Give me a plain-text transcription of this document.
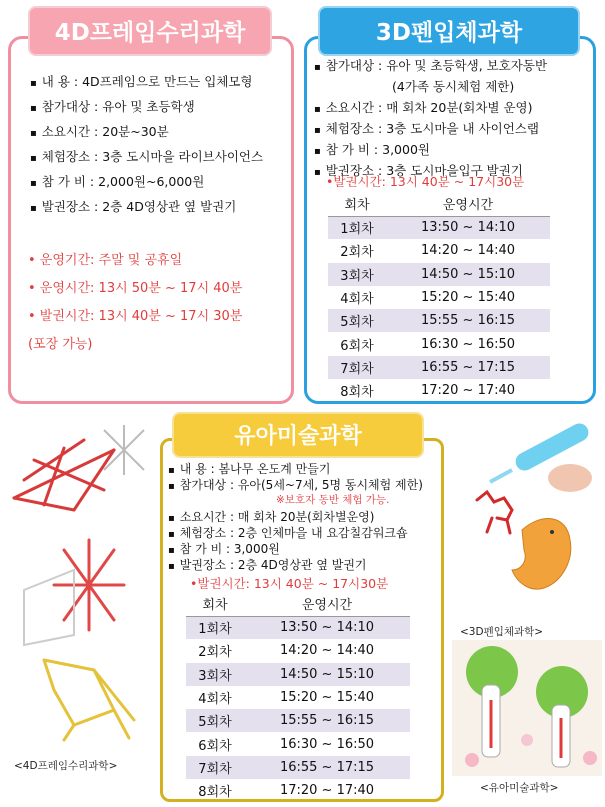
4D프레임수리과학
▪ 내 용 : 4D프레임으로 만드는 입체모형
▪ 참가대상 : 유아 및 초등학생
▪ 소요시간 : 20분~30분
▪ 체험장소 : 3층 도시마을 라이브사이언스
▪ 참 가 비 : 2,000원~6,000원
▪ 발권장소 : 2층 4D영상관 옆 발권기
• 운영기간: 주말 및 공휴일
• 운영시간: 13시 50분 ~ 17시 40분
• 발권시간: 13시 40분 ~ 17시 30분
(포장 가능)
3D펜입체과학
▪ 참가대상 : 유아 및 초등학생, 보호자동반
(4가족 동시체험 제한)
▪ 소요시간 : 매 회차 20분(회차별 운영)
▪ 체험장소 : 3층 도시마을 내 사이언스랩
▪ 참 가 비 : 3,000원
▪ 발권장소 : 3층 도시마을입구 발권기
•발권시간: 13시 40분 ~ 17시30분
회차	운영시간
1회차	13:50 ~ 14:10
2회차	14:20 ~ 14:40
3회차	14:50 ~ 15:10
4회차	15:20 ~ 15:40
5회차	15:55 ~ 16:15
6회차	16:30 ~ 16:50
7회차	16:55 ~ 17:15
8회차	17:20 ~ 17:40
유아미술과학
▪ 내 용 : 봄나무 온도계 만들기
▪ 참가대상 : 유아(5세~7세, 5명 동시체험 제한)
※보호자 동반 체험 가능.
▪ 소요시간 : 매 회차 20분(회차별운영)
▪ 체험장소 : 2층 인체마을 내 요감칠감워크숍
▪ 참 가 비 : 3,000원
▪ 발권장소 : 2층 4D영상관 옆 발권기
•발권시간: 13시 40분 ~ 17시30분
회차	운영시간
1회차	13:50 ~ 14:10
2회차	14:20 ~ 14:40
3회차	14:50 ~ 15:10
4회차	15:20 ~ 15:40
5회차	15:55 ~ 16:15
6회차	16:30 ~ 16:50
7회차	16:55 ~ 17:15
8회차	17:20 ~ 17:40
<4D프레임수리과학>
<3D펜입체과학>
<유아미술과학>
